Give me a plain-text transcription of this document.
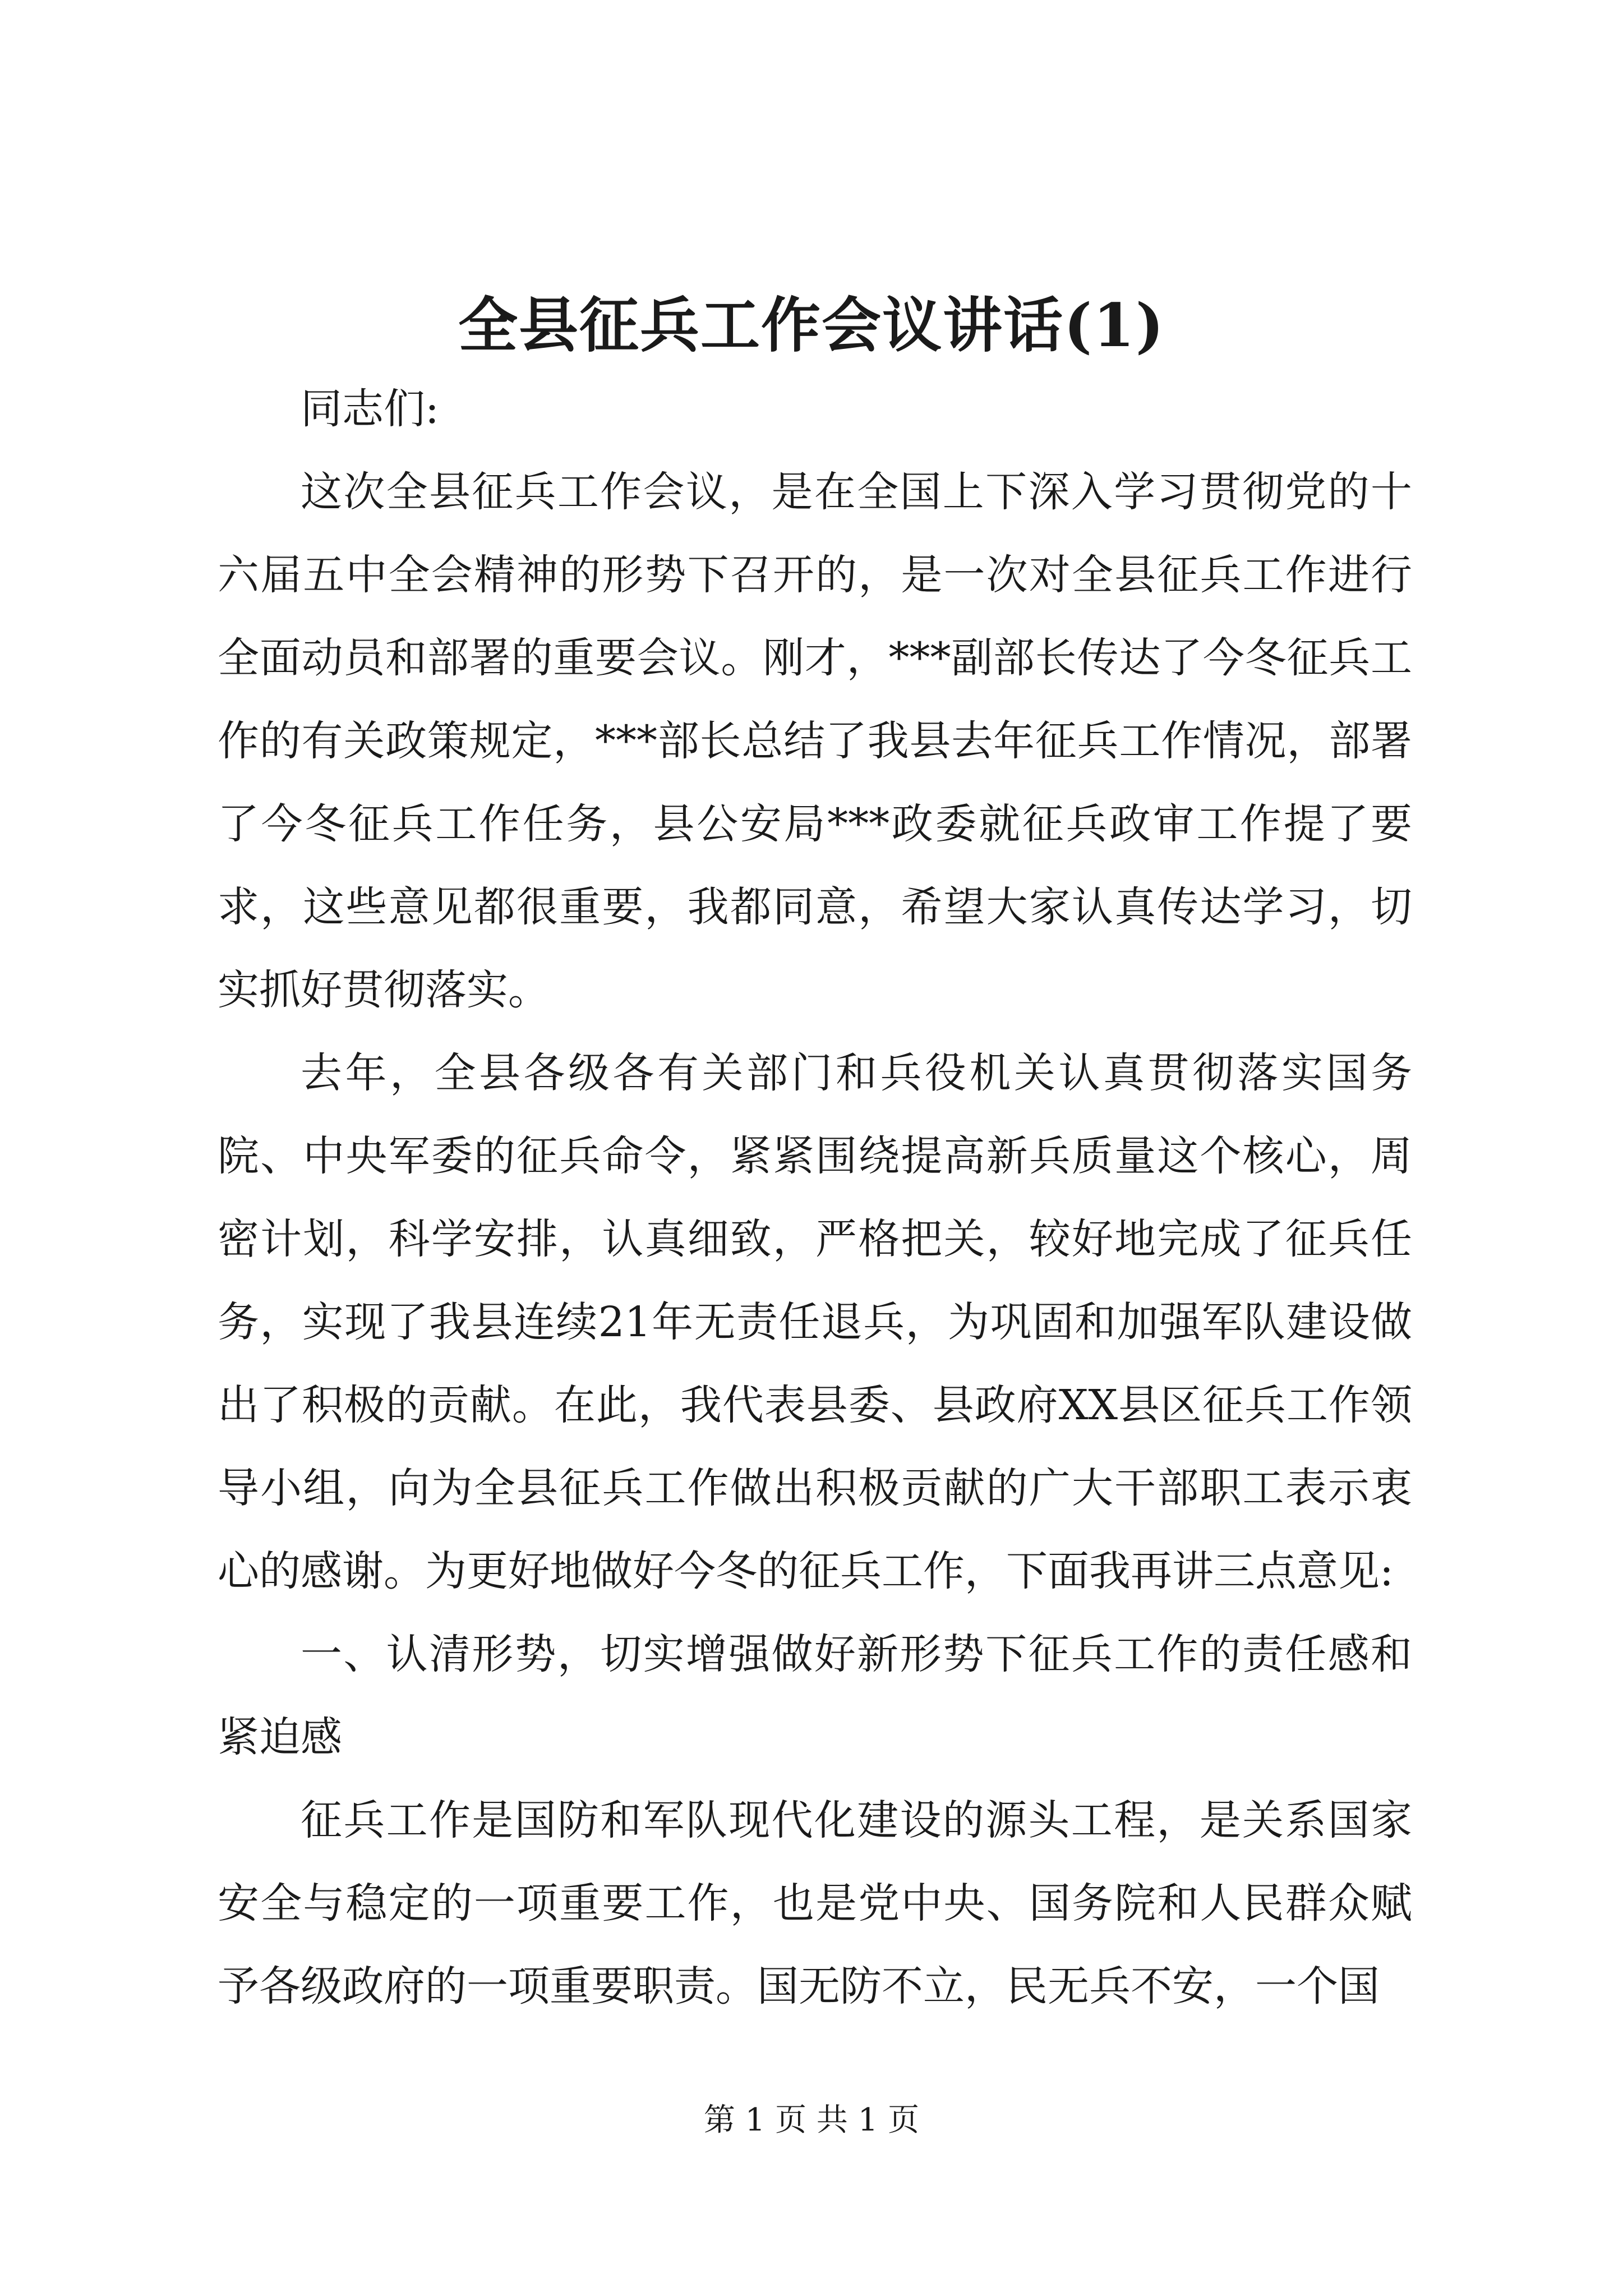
全县征兵工作会议讲话(1)

同志们:

这次全县征兵工作会议，是在全国上下深入学习贯彻党的十六届五中全会精神的形势下召开的，是一次对全县征兵工作进行全面动员和部署的重要会议。刚才，***副部长传达了今冬征兵工作的有关政策规定，***部长总结了我县去年征兵工作情况，部署了今冬征兵工作任务，县公安局***政委就征兵政审工作提了要求，这些意见都很重要，我都同意，希望大家认真传达学习，切实抓好贯彻落实。

去年，全县各级各有关部门和兵役机关认真贯彻落实国务院、中央军委的征兵命令，紧紧围绕提高新兵质量这个核心，周密计划，科学安排，认真细致，严格把关，较好地完成了征兵任务，实现了我县连续21年无责任退兵，为巩固和加强军队建设做出了积极的贡献。在此，我代表县委、县政府XX县区征兵工作领导小组，向为全县征兵工作做出积极贡献的广大干部职工表示衷心的感谢。为更好地做好今冬的征兵工作，下面我再讲三点意见:

一、认清形势，切实增强做好新形势下征兵工作的责任感和紧迫感

征兵工作是国防和军队现代化建设的源头工程，是关系国家安全与稳定的一项重要工作，也是党中央、国务院和人民群众赋予各级政府的一项重要职责。国无防不立，民无兵不安，一个国

第 1 页 共 1 页
